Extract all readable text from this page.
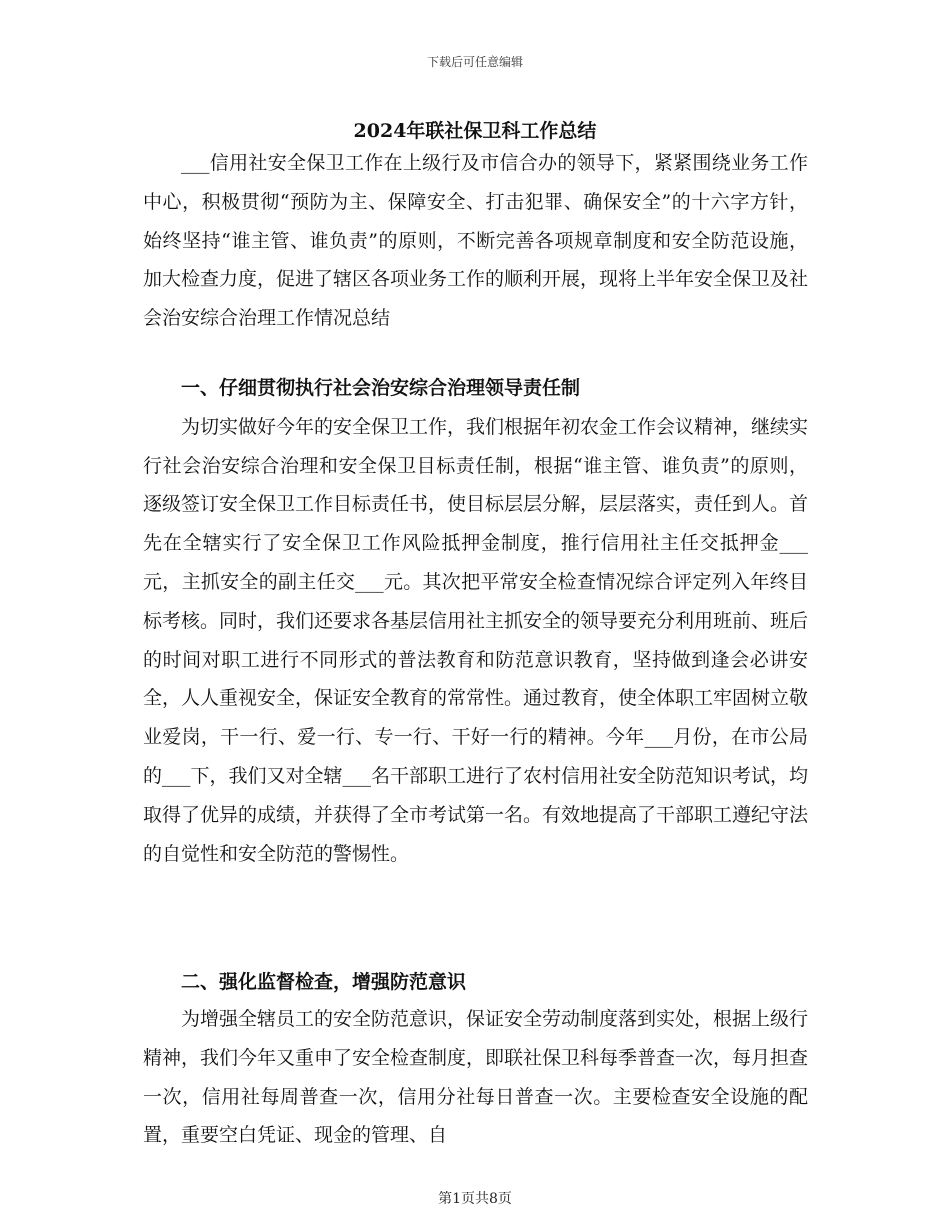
下载后可任意编辑
2024年联社保卫科工作总结

___信用社安全保卫工作在上级行及市信合办的领导下，紧紧围绕业务工作中心，积极贯彻“预防为主、保障安全、打击犯罪、确保安全”的十六字方针，始终坚持“谁主管、谁负责”的原则，不断完善各项规章制度和安全防范设施，加大检查力度，促进了辖区各项业务工作的顺利开展，现将上半年安全保卫及社会治安综合治理工作情况总结

一、仔细贯彻执行社会治安综合治理领导责任制

为切实做好今年的安全保卫工作，我们根据年初农金工作会议精神，继续实行社会治安综合治理和安全保卫目标责任制，根据“谁主管、谁负责”的原则，逐级签订安全保卫工作目标责任书，使目标层层分解，层层落实，责任到人。首先在全辖实行了安全保卫工作风险抵押金制度，推行信用社主任交抵押金___元，主抓安全的副主任交___元。其次把平常安全检查情况综合评定列入年终目标考核。同时，我们还要求各基层信用社主抓安全的领导要充分利用班前、班后的时间对职工进行不同形式的普法教育和防范意识教育，坚持做到逢会必讲安全，人人重视安全，保证安全教育的常常性。通过教育，使全体职工牢固树立敬业爱岗，干一行、爱一行、专一行、干好一行的精神。今年___月份，在市公局的___下，我们又对全辖___名干部职工进行了农村信用社安全防范知识考试，均取得了优异的成绩，并获得了全市考试第一名。有效地提高了干部职工遵纪守法的自觉性和安全防范的警惕性。

二、强化监督检查，增强防范意识

为增强全辖员工的安全防范意识，保证安全劳动制度落到实处，根据上级行精神，我们今年又重申了安全检查制度，即联社保卫科每季普查一次，每月担查一次，信用社每周普查一次，信用分社每日普查一次。主要检查安全设施的配置，重要空白凭证、现金的管理、自

第1页共8页
